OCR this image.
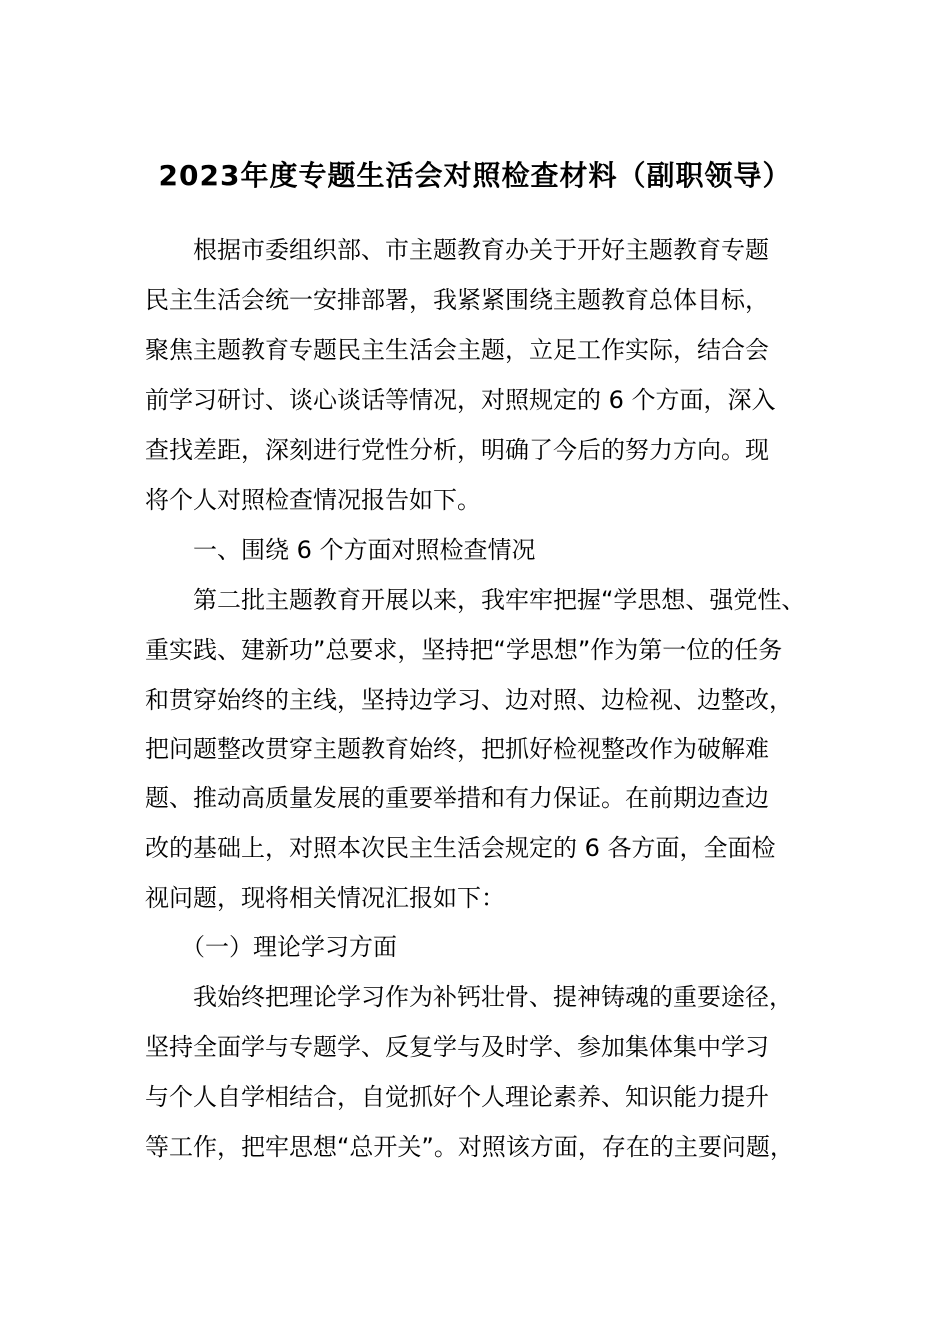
2023年度专题生活会对照检查材料（副职领导）
　　根据市委组织部、市主题教育办关于开好主题教育专题
民主生活会统一安排部署，我紧紧围绕主题教育总体目标，
聚焦主题教育专题民主生活会主题，立足工作实际，结合会
前学习研讨、谈心谈话等情况，对照规定的 6 个方面，深入
查找差距，深刻进行党性分析，明确了今后的努力方向。现
将个人对照检查情况报告如下。
　　一、围绕 6 个方面对照检查情况
　　第二批主题教育开展以来，我牢牢把握“学思想、强党性、
重实践、建新功”总要求，坚持把“学思想”作为第一位的任务
和贯穿始终的主线，坚持边学习、边对照、边检视、边整改，
把问题整改贯穿主题教育始终，把抓好检视整改作为破解难
题、推动高质量发展的重要举措和有力保证。在前期边查边
改的基础上，对照本次民主生活会规定的 6 各方面，全面检
视问题，现将相关情况汇报如下：
　　（一）理论学习方面
　　我始终把理论学习作为补钙壮骨、提神铸魂的重要途径，
坚持全面学与专题学、反复学与及时学、参加集体集中学习
与个人自学相结合，自觉抓好个人理论素养、知识能力提升
等工作，把牢思想“总开关”。对照该方面，存在的主要问题，
